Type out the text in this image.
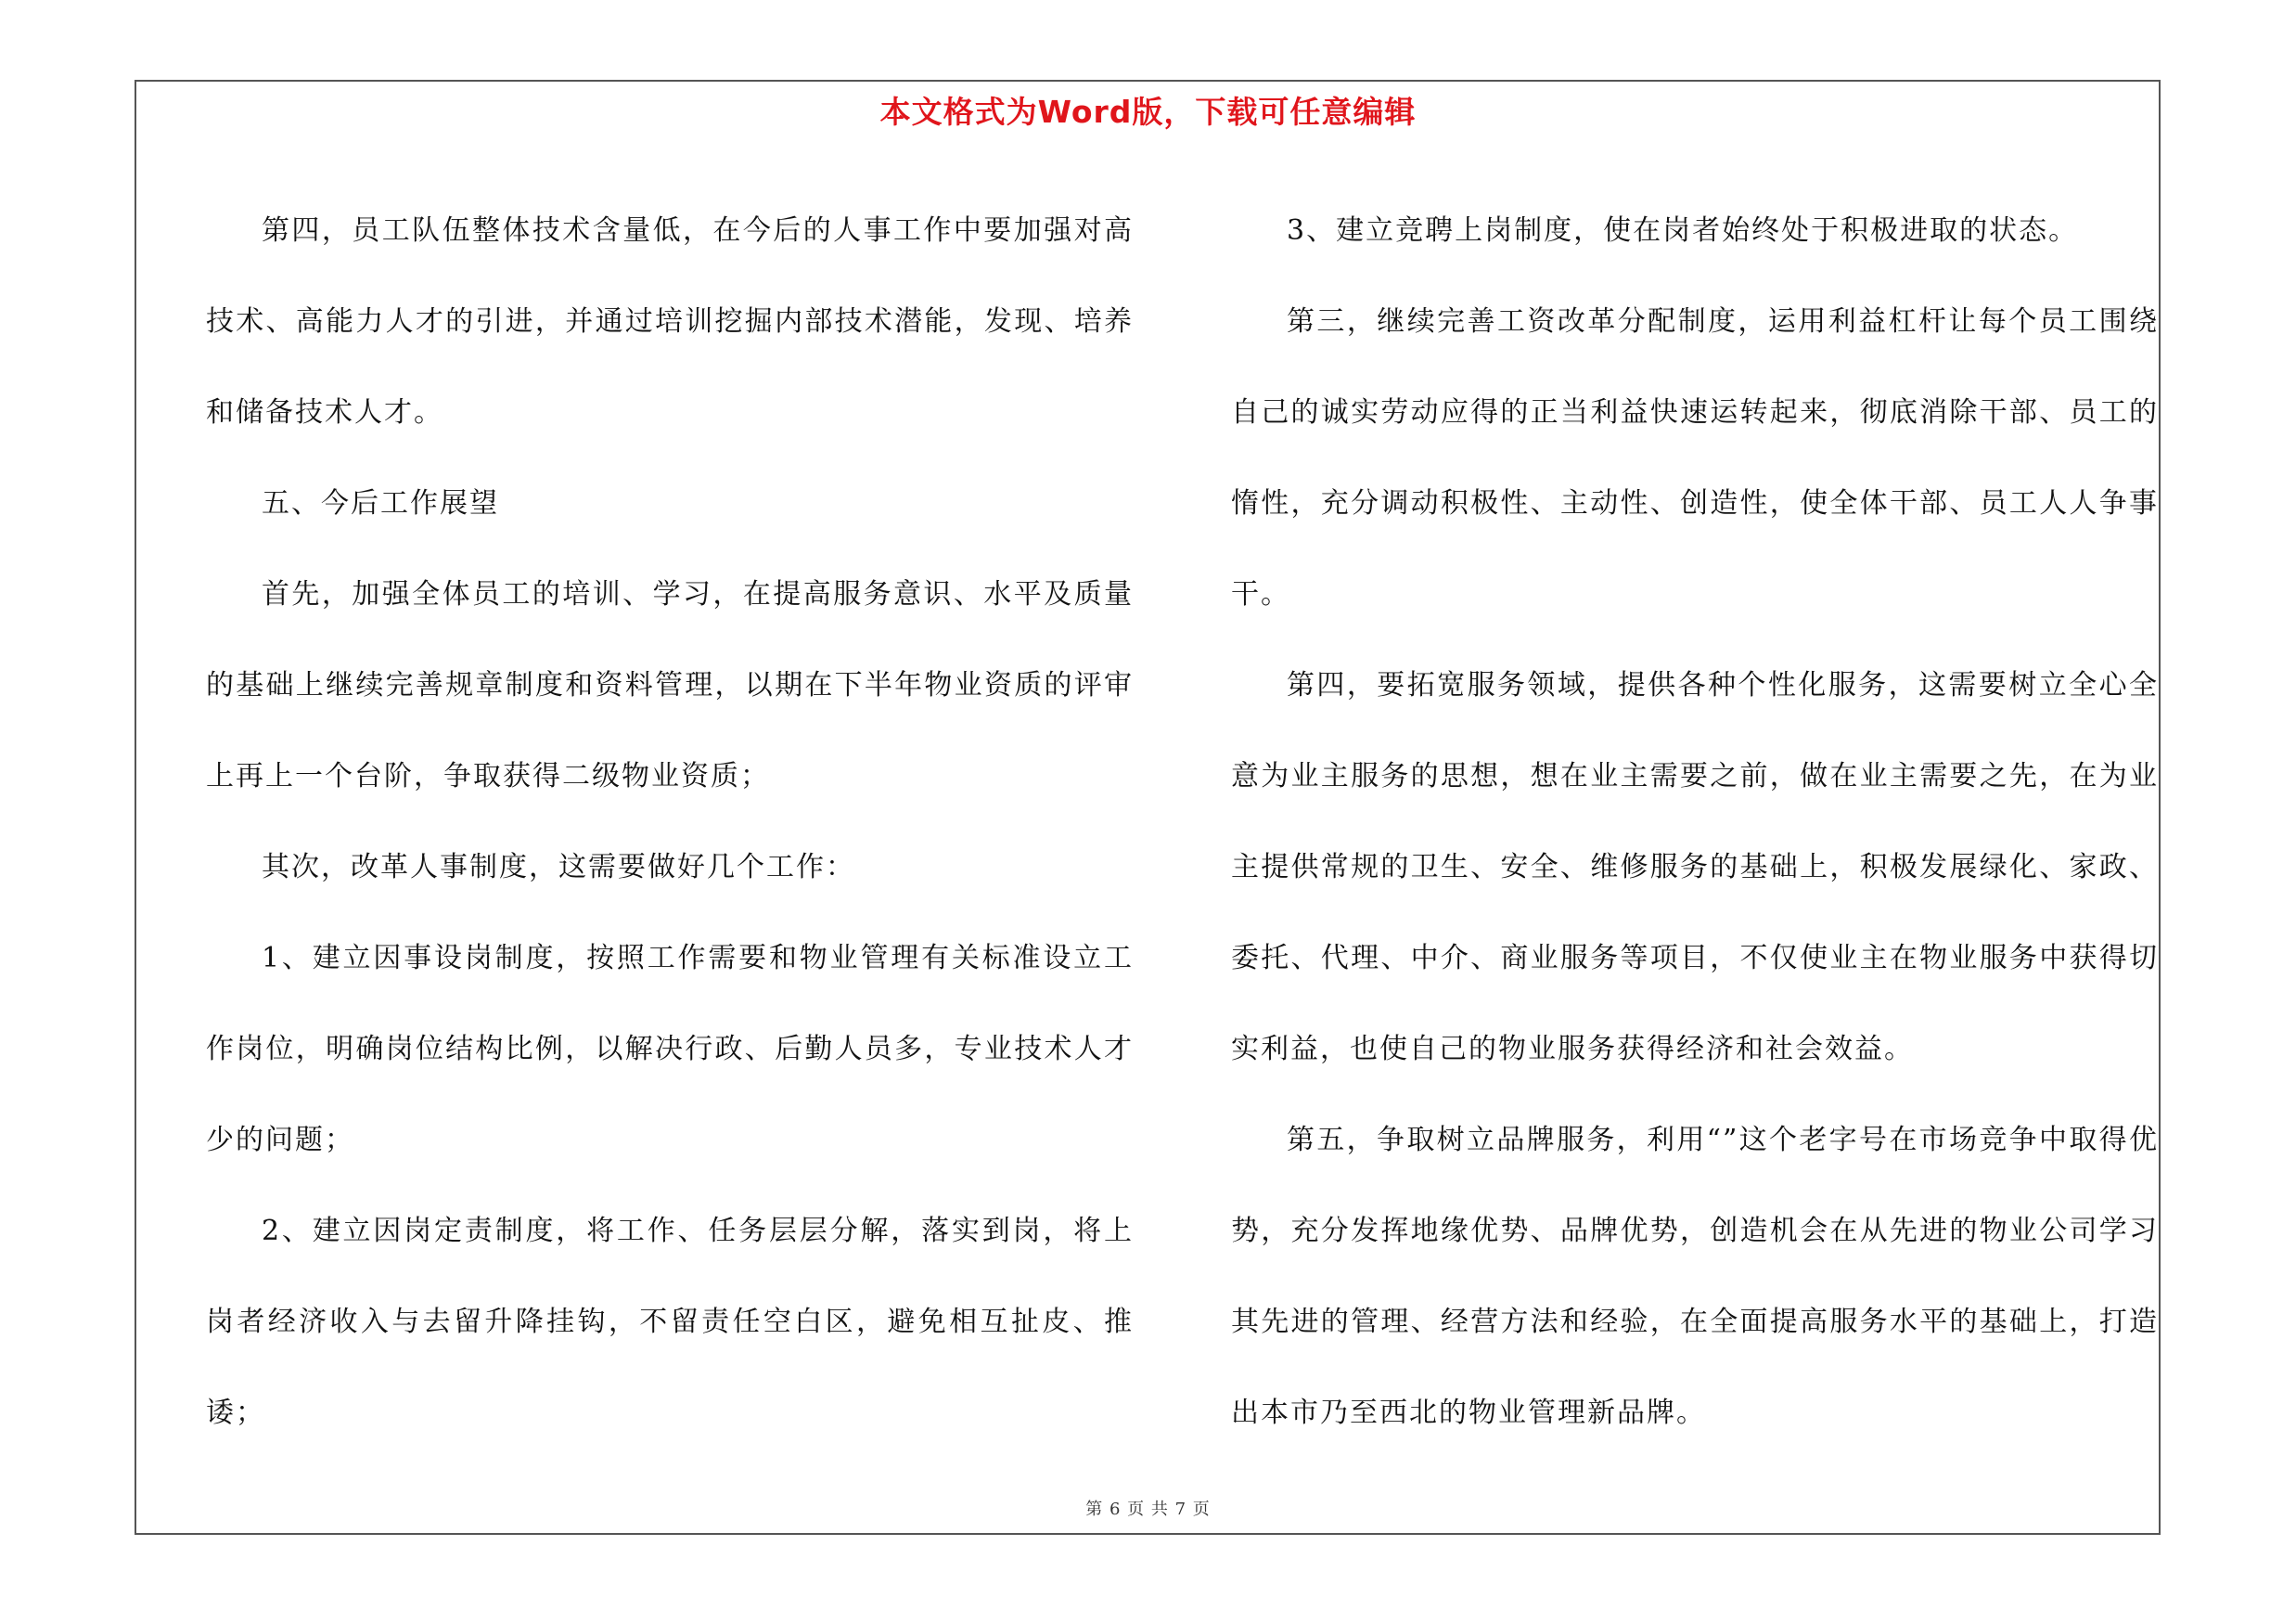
本文格式为Word版，下载可任意编辑

第四，员工队伍整体技术含量低，在今后的人事工作中要加强对高技术、高能力人才的引进，并通过培训挖掘内部技术潜能，发现、培养和储备技术人才。

五、今后工作展望

首先，加强全体员工的培训、学习，在提高服务意识、水平及质量的基础上继续完善规章制度和资料管理，以期在下半年物业资质的评审上再上一个台阶，争取获得二级物业资质；

其次，改革人事制度，这需要做好几个工作：

1、建立因事设岗制度，按照工作需要和物业管理有关标准设立工作岗位，明确岗位结构比例，以解决行政、后勤人员多，专业技术人才少的问题；

2、建立因岗定责制度，将工作、任务层层分解，落实到岗，将上岗者经济收入与去留升降挂钩，不留责任空白区，避免相互扯皮、推诿；

3、建立竞聘上岗制度，使在岗者始终处于积极进取的状态。

第三，继续完善工资改革分配制度，运用利益杠杆让每个员工围绕自己的诚实劳动应得的正当利益快速运转起来，彻底消除干部、员工的惰性，充分调动积极性、主动性、创造性，使全体干部、员工人人争事干。

第四，要拓宽服务领域，提供各种个性化服务，这需要树立全心全意为业主服务的思想，想在业主需要之前，做在业主需要之先，在为业主提供常规的卫生、安全、维修服务的基础上，积极发展绿化、家政、委托、代理、中介、商业服务等项目，不仅使业主在物业服务中获得切实利益，也使自己的物业服务获得经济和社会效益。

第五，争取树立品牌服务，利用“”这个老字号在市场竞争中取得优势，充分发挥地缘优势、品牌优势，创造机会在从先进的物业公司学习其先进的管理、经营方法和经验，在全面提高服务水平的基础上，打造出本市乃至西北的物业管理新品牌。

第 6 页 共 7 页
